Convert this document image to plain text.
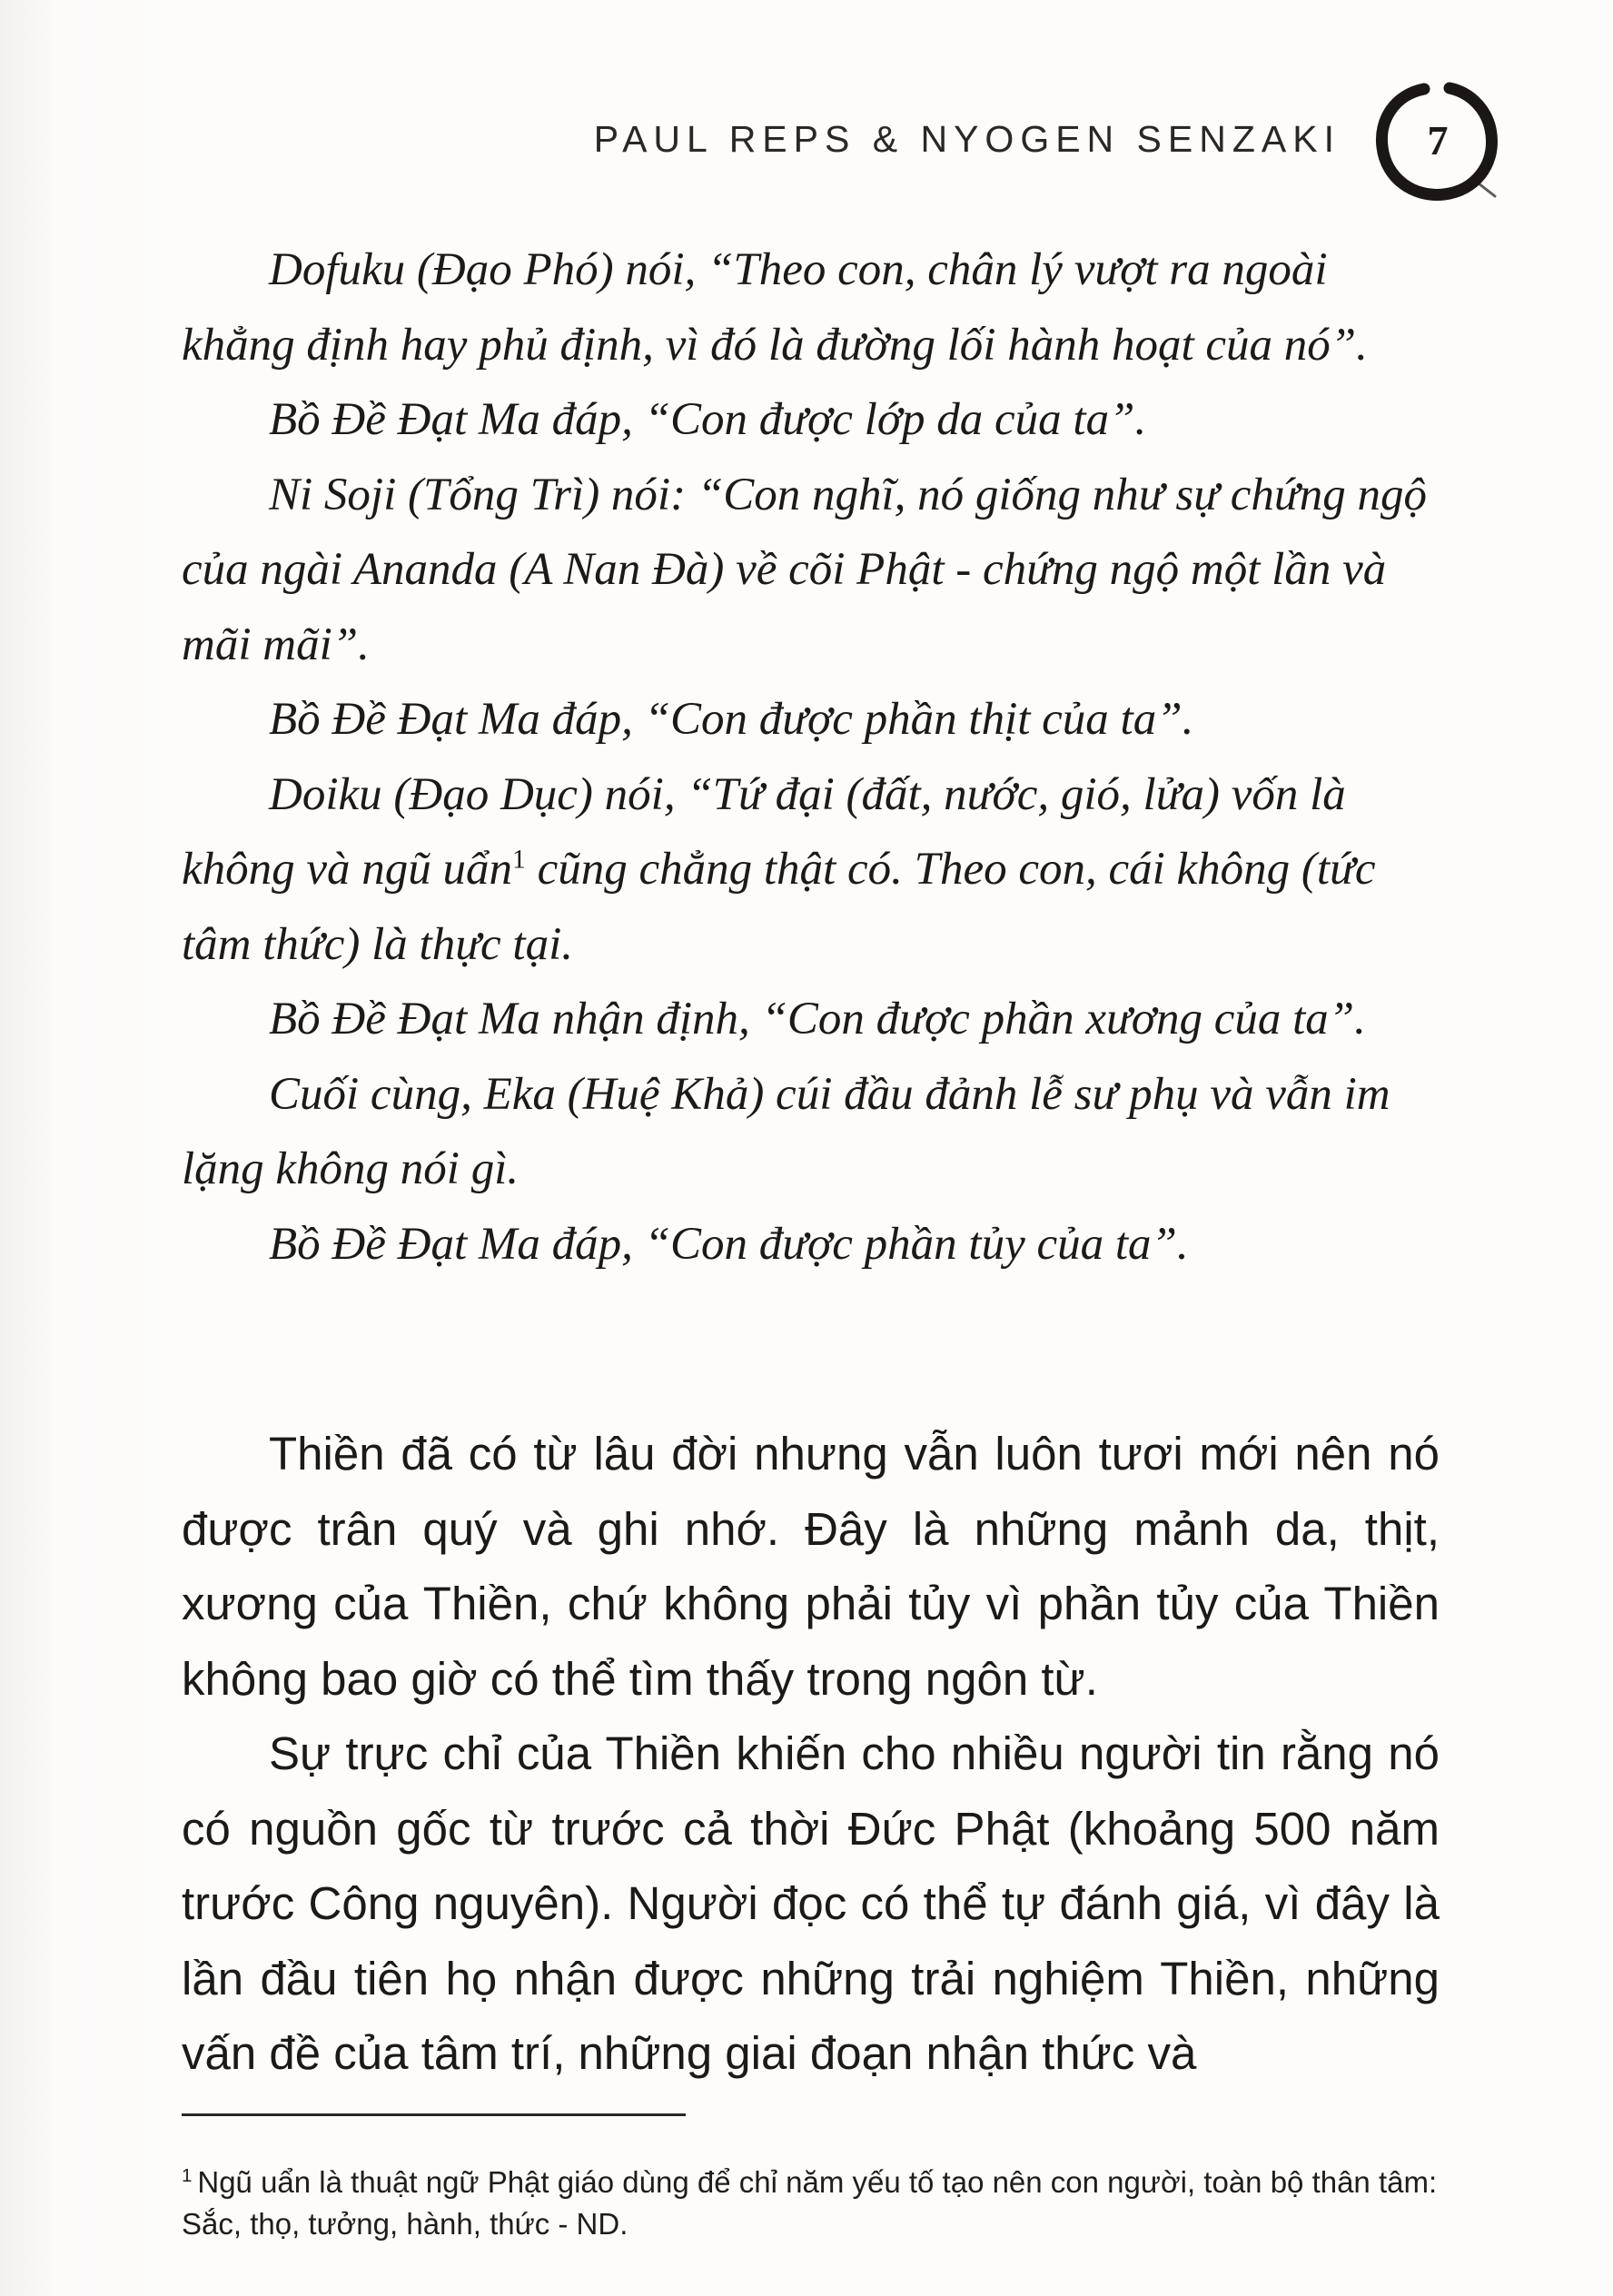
PAUL REPS & NYOGEN SENZAKI	7

Dofuku (Đạo Phó) nói, “Theo con, chân lý vượt ra ngoài khẳng định hay phủ định, vì đó là đường lối hành hoạt của nó”.

Bồ Đề Đạt Ma đáp, “Con được lớp da của ta”.

Ni Soji (Tổng Trì) nói: “Con nghĩ, nó giống như sự chứng ngộ của ngài Ananda (A Nan Đà) về cõi Phật - chứng ngộ một lần và mãi mãi”.

Bồ Đề Đạt Ma đáp, “Con được phần thịt của ta”.

Doiku (Đạo Dục) nói, “Tứ đại (đất, nước, gió, lửa) vốn là không và ngũ uẩn$^1$ cũng chẳng thật có. Theo con, cái không (tức tâm thức) là thực tại.

Bồ Đề Đạt Ma nhận định, “Con được phần xương của ta”.

Cuối cùng, Eka (Huệ Khả) cúi đầu đảnh lễ sư phụ và vẫn im lặng không nói gì.

Bồ Đề Đạt Ma đáp, “Con được phần tủy của ta”.

Thiền đã có từ lâu đời nhưng vẫn luôn tươi mới nên nó được trân quý và ghi nhớ. Đây là những mảnh da, thịt, xương của Thiền, chứ không phải tủy vì phần tủy của Thiền không bao giờ có thể tìm thấy trong ngôn từ.

Sự trực chỉ của Thiền khiến cho nhiều người tin rằng nó có nguồn gốc từ trước cả thời Đức Phật (khoảng 500 năm trước Công nguyên). Người đọc có thể tự đánh giá, vì đây là lần đầu tiên họ nhận được những trải nghiệm Thiền, những vấn đề của tâm trí, những giai đoạn nhận thức và

$^1$ Ngũ uẩn là thuật ngữ Phật giáo dùng để chỉ năm yếu tố tạo nên con người, toàn bộ thân tâm: Sắc, thọ, tưởng, hành, thức - ND.
